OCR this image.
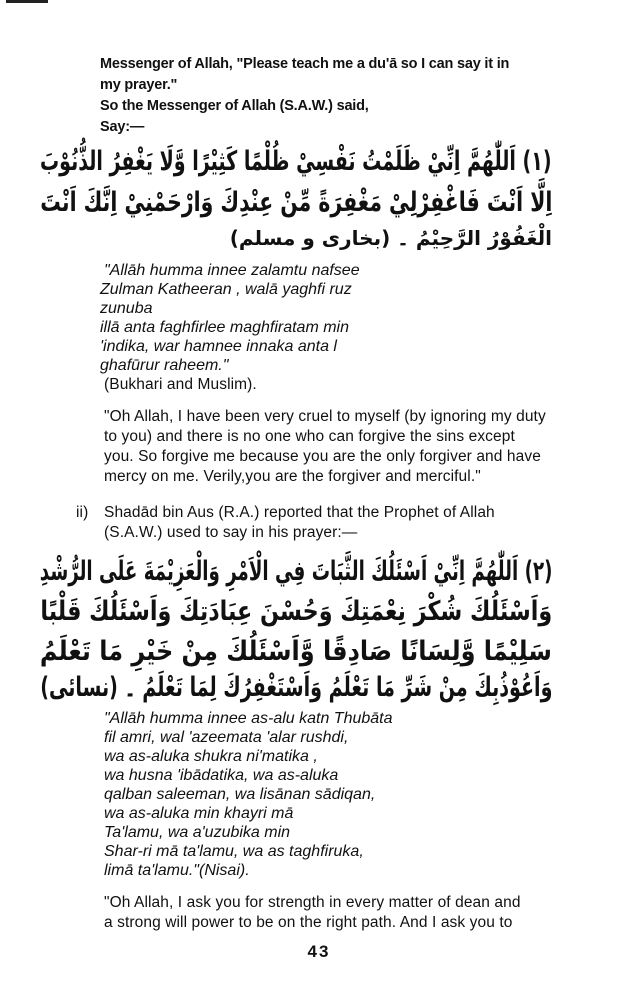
Messenger of Allah, "Please teach me a du'ā so I can say it in
my prayer."
So the Messenger of Allah (S.A.W.) said,
Say:—
(١) اَللّٰهُمَّ اِنِّيْ ظَلَمْتُ نَفْسِيْ ظُلْمًا كَثِيْرًا وَّلَا يَغْفِرُ الذُّنُوْبَ
اِلَّا اَنْتَ فَاغْفِرْلِيْ مَغْفِرَةً مِّنْ عِنْدِكَ وَارْحَمْنِيْ اِنَّكَ اَنْتَ
الْغَفُوْرُ الرَّحِيْمُ ۔ (بخاری و مسلم)
"Allāh humma innee zalamtu nafsee
Zulman Katheeran , walā yaghfi ruz
zunuba
illā anta faghfirlee maghfiratam min
'indika, war hamnee innaka anta l
ghafūrur raheem."
(Bukhari and Muslim).
"Oh Allah, I have been very cruel to myself (by ignoring my duty
to you) and there is no one who can forgive the sins except
you. So forgive me because you are the only forgiver and have
mercy on me. Verily,you are the forgiver and merciful."
ii) Shadād bin Aus (R.A.) reported that the Prophet of Allah
(S.A.W.) used to say in his prayer:—
(٢) اَللّٰهُمَّ اِنِّيْ اَسْئَلُكَ الثَّبَاتَ فِي الْاَمْرِ وَالْعَزِيْمَةَ عَلَى الرُّشْدِ
وَاَسْئَلُكَ شُكْرَ نِعْمَتِكَ وَحُسْنَ عِبَادَتِكَ وَاَسْئَلُكَ قَلْبًا
سَلِيْمًا وَّلِسَانًا صَادِقًا وَّاَسْئَلُكَ مِنْ خَيْرِ مَا تَعْلَمُ
وَاَعُوْذُبِكَ مِنْ شَرِّ مَا تَعْلَمُ وَاَسْتَغْفِرُكَ لِمَا تَعْلَمُ ۔ (نسائی)
"Allāh humma innee as-alu katn Thubāta
fil amri, wal 'azeemata 'alar rushdi,
wa as-aluka shukra ni'matika ,
wa husna 'ibādatika, wa as-aluka
qalban saleeman, wa lisānan sādiqan,
wa as-aluka min khayri mā
Ta'lamu, wa a'uzubika min
Shar-ri mā ta'lamu, wa as taghfiruka,
limā ta'lamu."(Nisai).
"Oh Allah, I ask you for strength in every matter of dean and
a strong will power to be on the right path. And I ask you to
43
